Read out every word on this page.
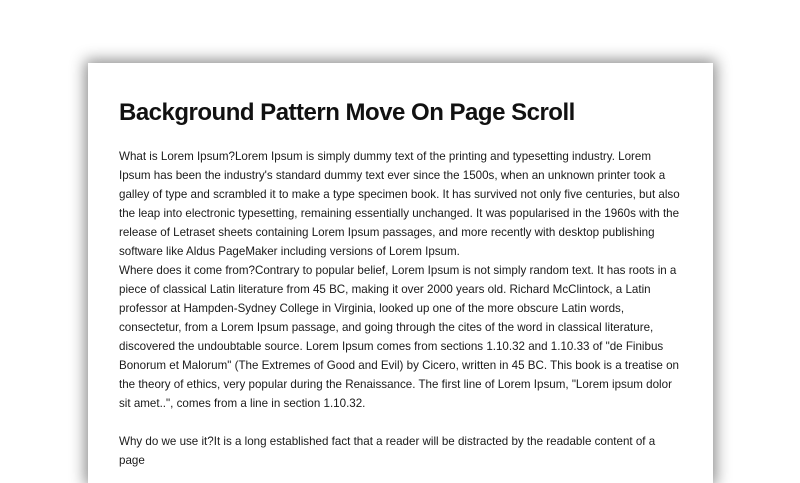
Background Pattern Move On Page Scroll

What is Lorem Ipsum?Lorem Ipsum is simply dummy text of the printing and typesetting industry. Lorem Ipsum has been the industry's standard dummy text ever since the 1500s, when an unknown printer took a galley of type and scrambled it to make a type specimen book. It has survived not only five centuries, but also the leap into electronic typesetting, remaining essentially unchanged. It was popularised in the 1960s with the release of Letraset sheets containing Lorem Ipsum passages, and more recently with desktop publishing software like Aldus PageMaker including versions of Lorem Ipsum.

Where does it come from?Contrary to popular belief, Lorem Ipsum is not simply random text. It has roots in a piece of classical Latin literature from 45 BC, making it over 2000 years old. Richard McClintock, a Latin professor at Hampden-Sydney College in Virginia, looked up one of the more obscure Latin words, consectetur, from a Lorem Ipsum passage, and going through the cites of the word in classical literature, discovered the undoubtable source. Lorem Ipsum comes from sections 1.10.32 and 1.10.33 of "de Finibus Bonorum et Malorum" (The Extremes of Good and Evil) by Cicero, written in 45 BC. This book is a treatise on the theory of ethics, very popular during the Renaissance. The first line of Lorem Ipsum, "Lorem ipsum dolor sit amet..", comes from a line in section 1.10.32.

Why do we use it?It is a long established fact that a reader will be distracted by the readable content of a page
